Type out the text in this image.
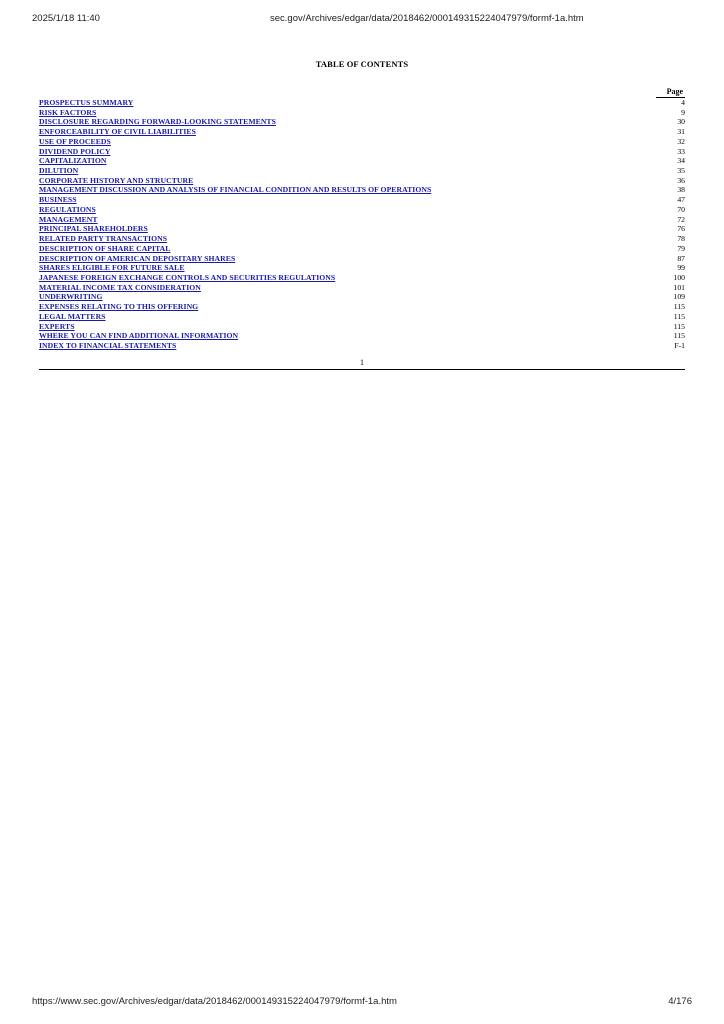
2025/1/18 11:40	sec.gov/Archives/edgar/data/2018462/000149315224047979/formf-1a.htm
TABLE OF CONTENTS
Page
PROSPECTUS SUMMARY	4
RISK FACTORS	9
DISCLOSURE REGARDING FORWARD-LOOKING STATEMENTS	30
ENFORCEABILITY OF CIVIL LIABILITIES	31
USE OF PROCEEDS	32
DIVIDEND POLICY	33
CAPITALIZATION	34
DILUTION	35
CORPORATE HISTORY AND STRUCTURE	36
MANAGEMENT DISCUSSION AND ANALYSIS OF FINANCIAL CONDITION AND RESULTS OF OPERATIONS	38
BUSINESS	47
REGULATIONS	70
MANAGEMENT	72
PRINCIPAL SHAREHOLDERS	76
RELATED PARTY TRANSACTIONS	78
DESCRIPTION OF SHARE CAPITAL	79
DESCRIPTION OF AMERICAN DEPOSITARY SHARES	87
SHARES ELIGIBLE FOR FUTURE SALE	99
JAPANESE FOREIGN EXCHANGE CONTROLS AND SECURITIES REGULATIONS	100
MATERIAL INCOME TAX CONSIDERATION	101
UNDERWRITING	109
EXPENSES RELATING TO THIS OFFERING	115
LEGAL MATTERS	115
EXPERTS	115
WHERE YOU CAN FIND ADDITIONAL INFORMATION	115
INDEX TO FINANCIAL STATEMENTS	F-1
1
https://www.sec.gov/Archives/edgar/data/2018462/000149315224047979/formf-1a.htm	4/176
